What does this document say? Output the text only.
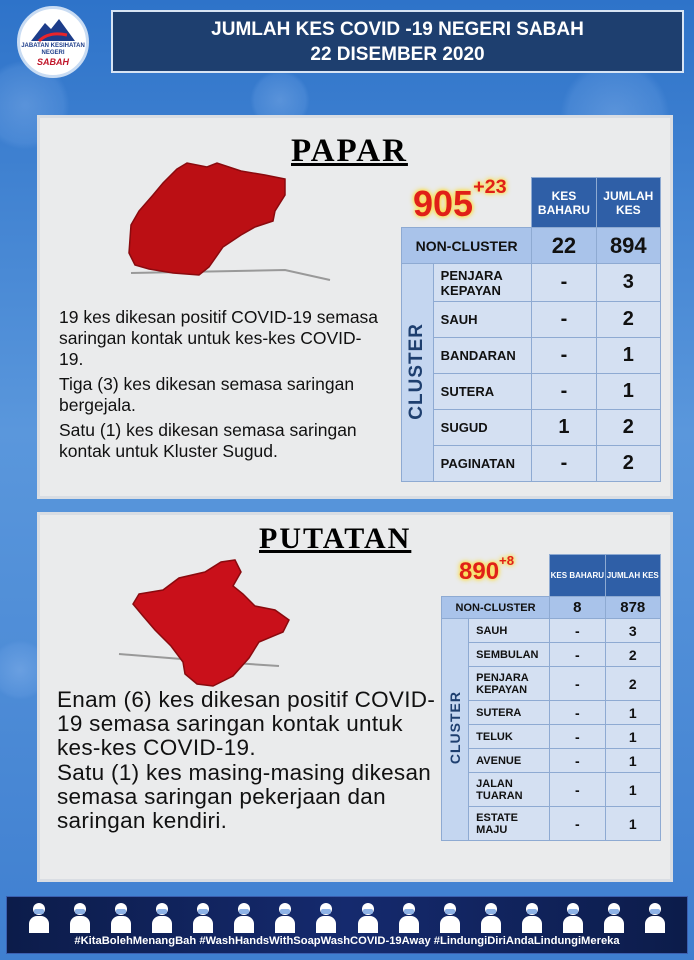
JABATAN KESIHATAN NEGERI
SABAH
JUMLAH KES COVID -19 NEGERI SABAH
22 DISEMBER 2020
PAPAR

19 kes dikesan positif COVID-19 semasa saringan kontak untuk kes-kes COVID-19.

Tiga (3) kes dikesan semasa saringan bergejala.

Satu (1) kes dikesan semasa saringan kontak untuk Kluster Sugud.

$905^{+23}$
			KES BAHARU	JUMLAH KES
NON-CLUSTER		22	894
CLUSTER	PENJARA KEPAYAN	-	3
	SAUH	-	2
	BANDARAN	-	1
	SUTERA	-	1
	SUGUD	1	2
	PAGINATAN	-	2
PUTATAN

Enam (6) kes dikesan positif COVID-19 semasa saringan kontak untuk kes-kes COVID-19.

Satu (1) kes masing-masing dikesan semasa saringan pekerjaan dan saringan kendiri.

$890^{+8}$
		KES BAHARU	JUMLAH KES
NON-CLUSTER		8	878
CLUSTER	SAUH	-	3
	SEMBULAN	-	2
	PENJARA KEPAYAN	-	2
	SUTERA	-	1
	TELUK	-	1
	AVENUE	-	1
	JALAN TUARAN	-	1
	ESTATE MAJU	-	1
#KitaBolehMenangBah #WashHandsWithSoapWashCOVID-19Away #LindungiDiriAndaLindungiMereka
